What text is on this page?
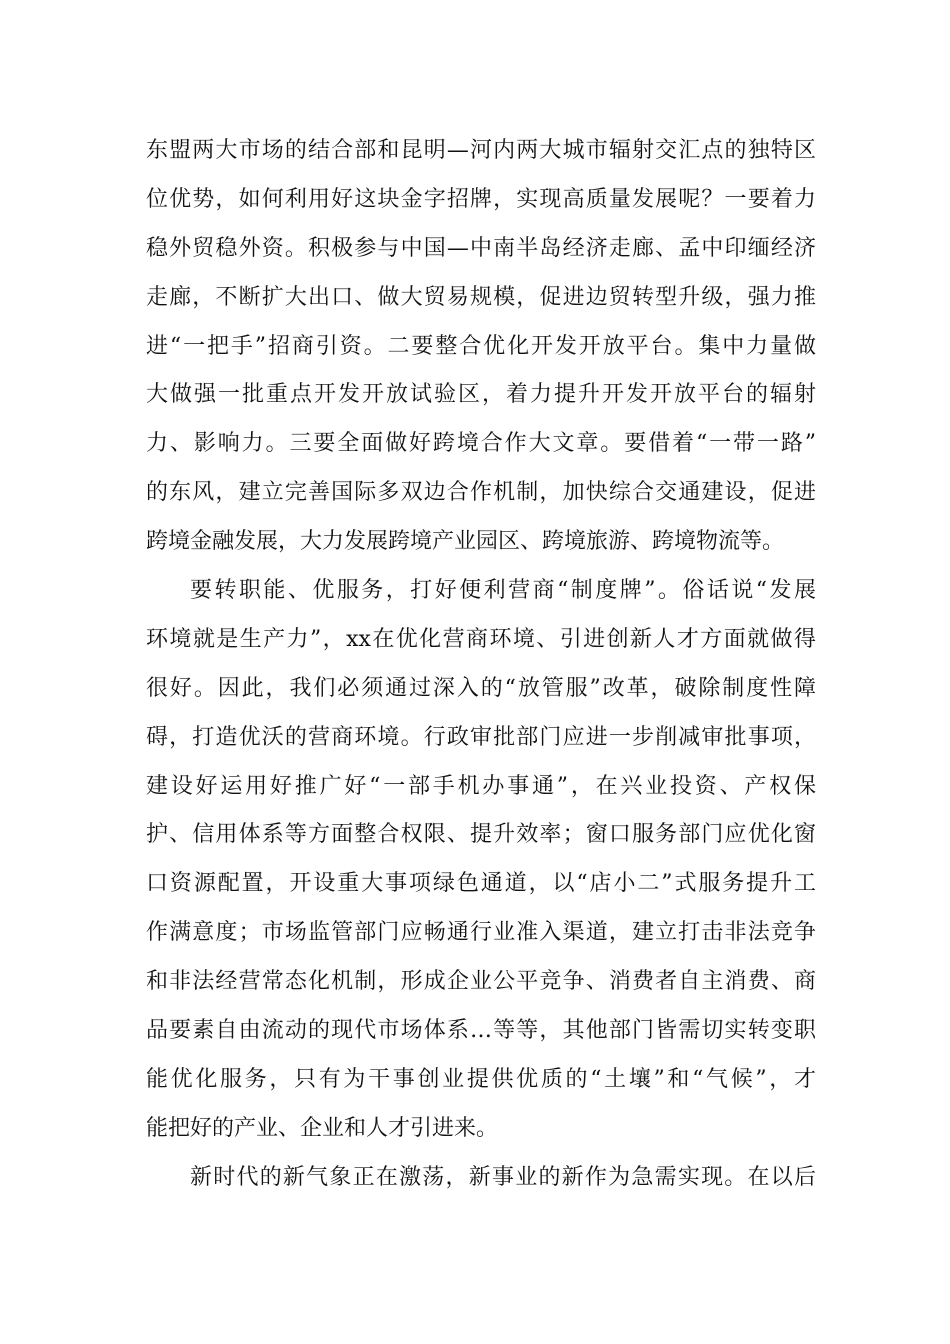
东盟两大市场的结合部和昆明—河内两大城市辐射交汇点的独特区
位优势，如何利用好这块金字招牌，实现高质量发展呢？一要着力
稳外贸稳外资。积极参与中国—中南半岛经济走廊、孟中印缅经济
走廊，不断扩大出口、做大贸易规模，促进边贸转型升级，强力推
进“一把手”招商引资。二要整合优化开发开放平台。集中力量做
大做强一批重点开发开放试验区，着力提升开发开放平台的辐射
力、影响力。三要全面做好跨境合作大文章。要借着“一带一路”
的东风，建立完善国际多双边合作机制，加快综合交通建设，促进
跨境金融发展，大力发展跨境产业园区、跨境旅游、跨境物流等。
要转职能、优服务，打好便利营商“制度牌”。俗话说“发展
环境就是生产力”，xx在优化营商环境、引进创新人才方面就做得
很好。因此，我们必须通过深入的“放管服”改革，破除制度性障
碍，打造优沃的营商环境。行政审批部门应进一步削减审批事项，
建设好运用好推广好“一部手机办事通”，在兴业投资、产权保
护、信用体系等方面整合权限、提升效率；窗口服务部门应优化窗
口资源配置，开设重大事项绿色通道，以“店小二”式服务提升工
作满意度；市场监管部门应畅通行业准入渠道，建立打击非法竞争
和非法经营常态化机制，形成企业公平竞争、消费者自主消费、商
品要素自由流动的现代市场体系…等等，其他部门皆需切实转变职
能优化服务，只有为干事创业提供优质的“土壤”和“气候”，才
能把好的产业、企业和人才引进来。
新时代的新气象正在激荡，新事业的新作为急需实现。在以后
